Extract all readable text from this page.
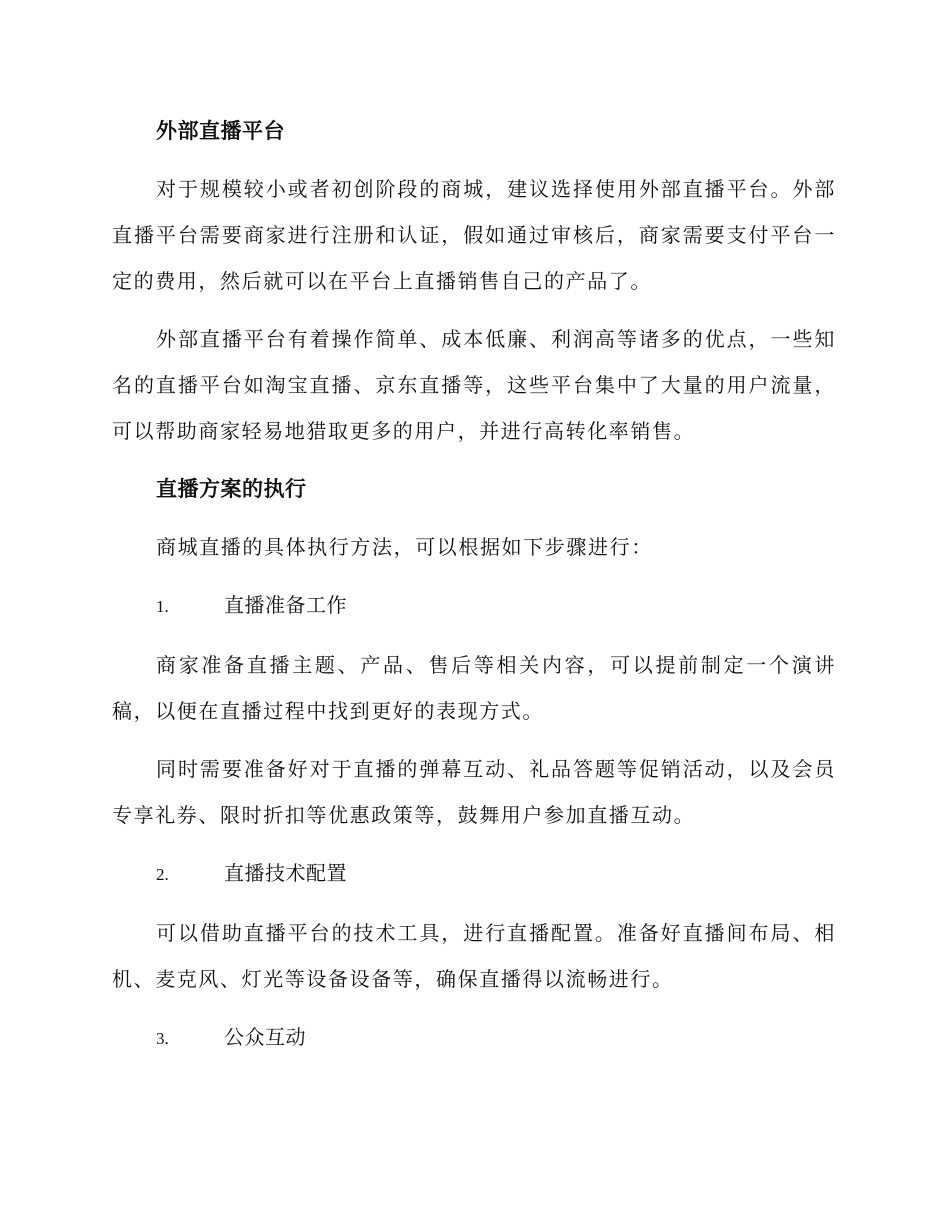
外部直播平台

对于规模较小或者初创阶段的商城，建议选择使用外部直播平台。外部直播平台需要商家进行注册和认证，假如通过审核后，商家需要支付平台一定的费用，然后就可以在平台上直播销售自己的产品了。

外部直播平台有着操作简单、成本低廉、利润高等诸多的优点，一些知名的直播平台如淘宝直播、京东直播等，这些平台集中了大量的用户流量，可以帮助商家轻易地猎取更多的用户，并进行高转化率销售。

直播方案的执行

商城直播的具体执行方法，可以根据如下步骤进行：

1.	直播准备工作

商家准备直播主题、产品、售后等相关内容，可以提前制定一个演讲稿，以便在直播过程中找到更好的表现方式。

同时需要准备好对于直播的弹幕互动、礼品答题等促销活动，以及会员专享礼券、限时折扣等优惠政策等，鼓舞用户参加直播互动。

2.	直播技术配置

可以借助直播平台的技术工具，进行直播配置。准备好直播间布局、相机、麦克风、灯光等设备设备等，确保直播得以流畅进行。

3.	公众互动
